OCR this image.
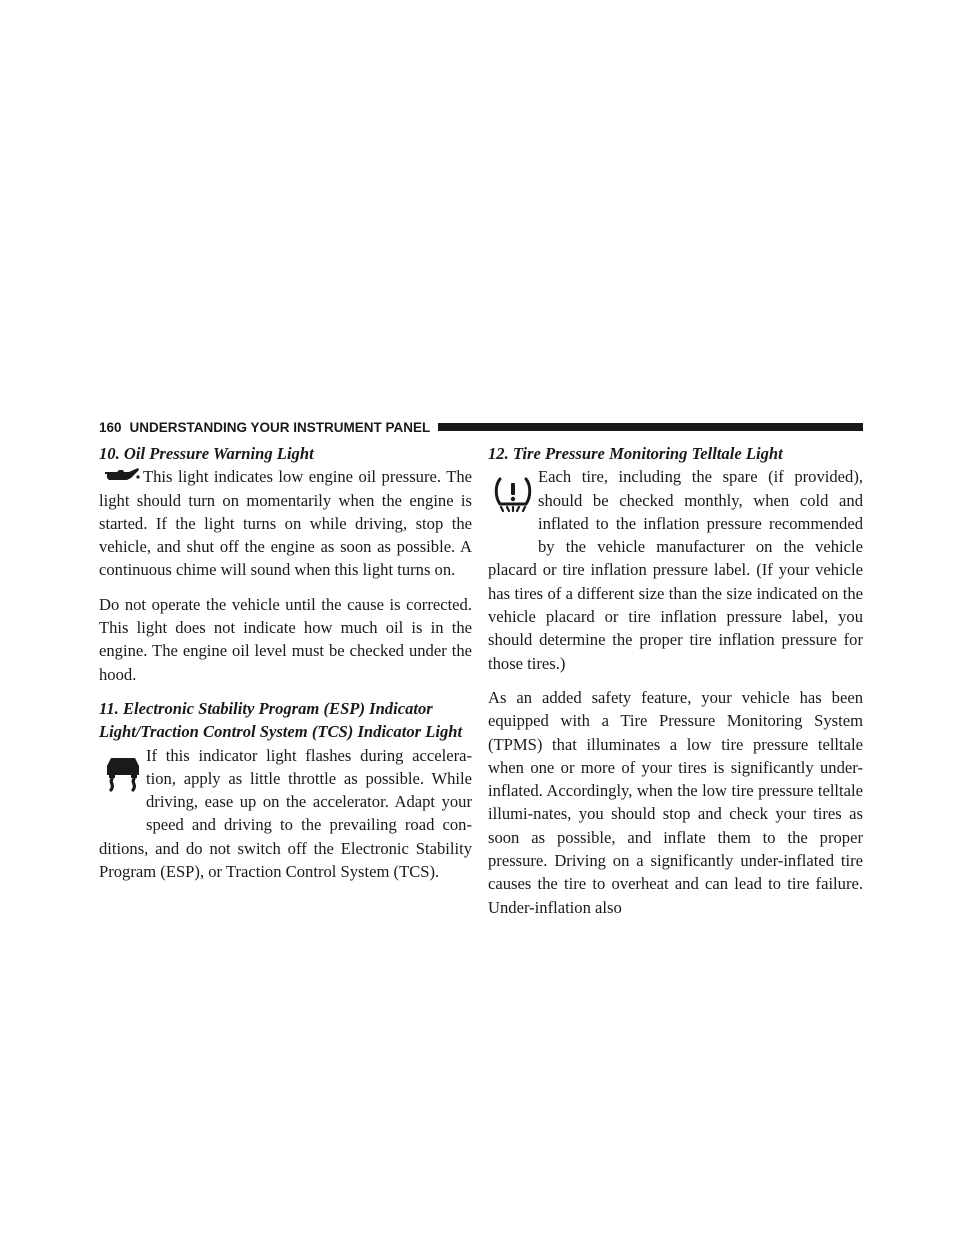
160 UNDERSTANDING YOUR INSTRUMENT PANEL
10. Oil Pressure Warning Light

This light indicates low engine oil pressure. The light should turn on momentarily when the engine is started. If the light turns on while driving, stop the vehicle, and shut off the engine as soon as possible. A continuous chime will sound when this light turns on.

Do not operate the vehicle until the cause is corrected. This light does not indicate how much oil is in the engine. The engine oil level must be checked under the hood.

11. Electronic Stability Program (ESP) Indicator
Light/Traction Control System (TCS) Indicator Light

If this indicator light flashes during accelera-tion, apply as little throttle as possible. While driving, ease up on the accelerator. Adapt your speed and driving to the prevailing road con-ditions, and do not switch off the Electronic Stability Program (ESP), or Traction Control System (TCS).

12. Tire Pressure Monitoring Telltale Light

Each tire, including the spare (if provided), should be checked monthly, when cold and inflated to the inflation pressure recommended by the vehicle manufacturer on the vehicle placard or tire inflation pressure label. (If your vehicle has tires of a different size than the size indicated on the vehicle placard or tire inflation pressure label, you should determine the proper tire inflation pressure for those tires.)

As an added safety feature, your vehicle has been equipped with a Tire Pressure Monitoring System (TPMS) that illuminates a low tire pressure telltale when one or more of your tires is significantly under-inflated. Accordingly, when the low tire pressure telltale illumi-nates, you should stop and check your tires as soon as possible, and inflate them to the proper pressure. Driving on a significantly under-inflated tire causes the tire to overheat and can lead to tire failure. Under-inflation also
